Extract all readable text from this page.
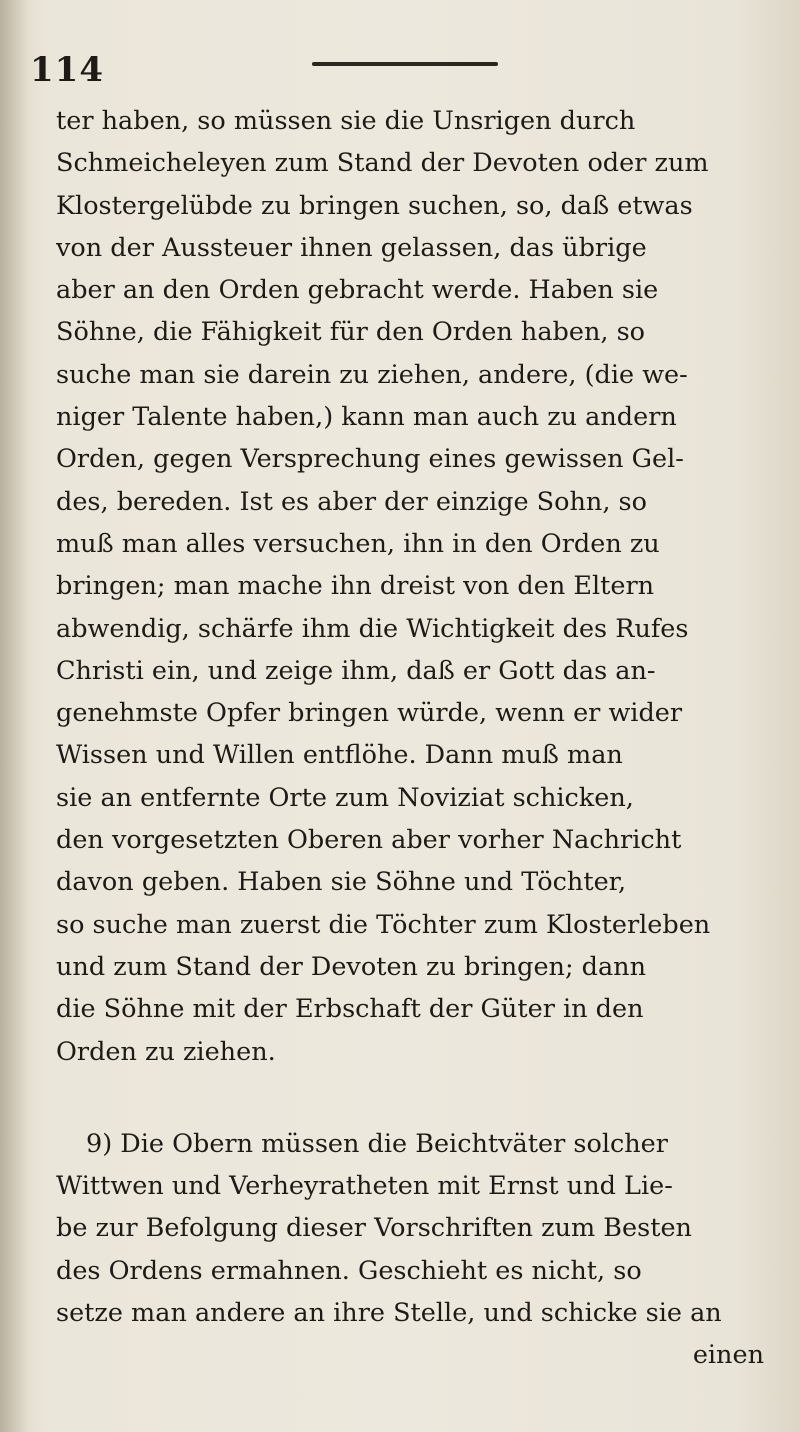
114
ter haben, so müssen sie die Unsrigen durch
Schmeicheleyen zum Stand der Devoten oder zum
Klostergelübde zu bringen suchen, so, daß etwas
von der Aussteuer ihnen gelassen, das übrige
aber an den Orden gebracht werde. Haben sie
Söhne, die Fähigkeit für den Orden haben, so
suche man sie darein zu ziehen, andere, (die we-
niger Talente haben,) kann man auch zu andern
Orden, gegen Versprechung eines gewissen Gel-
des, bereden. Ist es aber der einzige Sohn, so
muß man alles versuchen, ihn in den Orden zu
bringen; man mache ihn dreist von den Eltern
abwendig, schärfe ihm die Wichtigkeit des Rufes
Christi ein, und zeige ihm, daß er Gott das an-
genehmste Opfer bringen würde, wenn er wider
Wissen und Willen entflöhe. Dann muß man
sie an entfernte Orte zum Noviziat schicken,
den vorgesetzten Oberen aber vorher Nachricht
davon geben. Haben sie Söhne und Töchter,
so suche man zuerst die Töchter zum Klosterleben
und zum Stand der Devoten zu bringen; dann
die Söhne mit der Erbschaft der Güter in den
Orden zu ziehen.
9) Die Obern müssen die Beichtväter solcher
Wittwen und Verheyratheten mit Ernst und Lie-
be zur Befolgung dieser Vorschriften zum Besten
des Ordens ermahnen. Geschieht es nicht, so
setze man andere an ihre Stelle, und schicke sie an
einen
